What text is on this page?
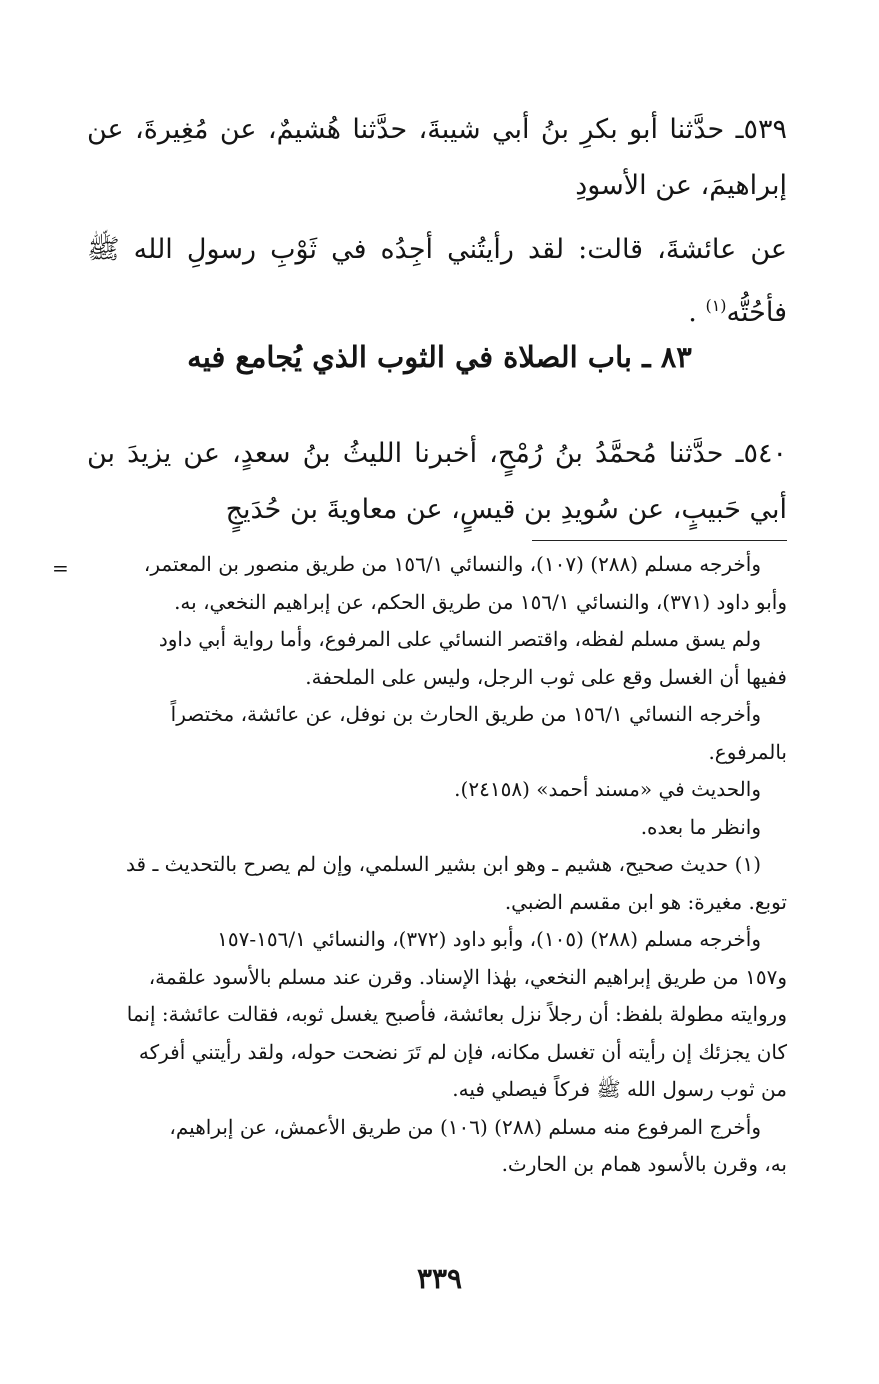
٥٣٩ـ حدَّثنا أبو بكرِ بنُ أبي شيبةَ، حدَّثنا هُشيمٌ، عن مُغِيرةَ، عن إبراهيمَ، عن الأسودِ
عن عائشةَ، قالت: لقد رأيتُني أجِدُه في ثَوْبِ رسولِ الله ﷺ فأحُتُّه$^{(١)}$ .
٨٣ ـ باب الصلاة في الثوب الذي يُجامع فيه
٥٤٠ـ حدَّثنا مُحمَّدُ بنُ رُمْحٍ، أخبرنا الليثُ بنُ سعدٍ، عن يزيدَ بن أبي حَبيبٍ، عن سُويدِ بن قيسٍ، عن معاويةَ بن حُدَيجٍ
=	وأخرجه مسلم (٢٨٨) (١٠٧)، والنسائي ١٥٦/١ من طريق منصور بن المعتمر،

وأبو داود (٣٧١)، والنسائي ١٥٦/١ من طريق الحكم، عن إبراهيم النخعي، به.

ولم يسق مسلم لفظه، واقتصر النسائي على المرفوع، وأما رواية أبي داود

ففيها أن الغسل وقع على ثوب الرجل، وليس على الملحفة.

وأخرجه النسائي ١٥٦/١ من طريق الحارث بن نوفل، عن عائشة، مختصراً

بالمرفوع.

والحديث في «مسند أحمد» (٢٤١٥٨).

وانظر ما بعده.

(١) حديث صحيح، هشيم ـ وهو ابن بشير السلمي، وإن لم يصرح بالتحديث ـ قد

توبع. مغيرة: هو ابن مقسم الضبي.

وأخرجه مسلم (٢٨٨) (١٠٥)، وأبو داود (٣٧٢)، والنسائي ١٥٦/١-١٥٧

و١٥٧ من طريق إبراهيم النخعي، بهٰذا الإسناد. وقرن عند مسلم بالأسود علقمة،

وروايته مطولة بلفظ: أن رجلاً نزل بعائشة، فأصبح يغسل ثوبه، فقالت عائشة: إنما

كان يجزئك إن رأيته أن تغسل مكانه، فإن لم تَرَ نضحت حوله، ولقد رأيتني أفركه

من ثوب رسول الله ﷺ فركاً فيصلي فيه.

وأخرج المرفوع منه مسلم (٢٨٨) (١٠٦) من طريق الأعمش، عن إبراهيم،

به، وقرن بالأسود همام بن الحارث.

٣٣٩
